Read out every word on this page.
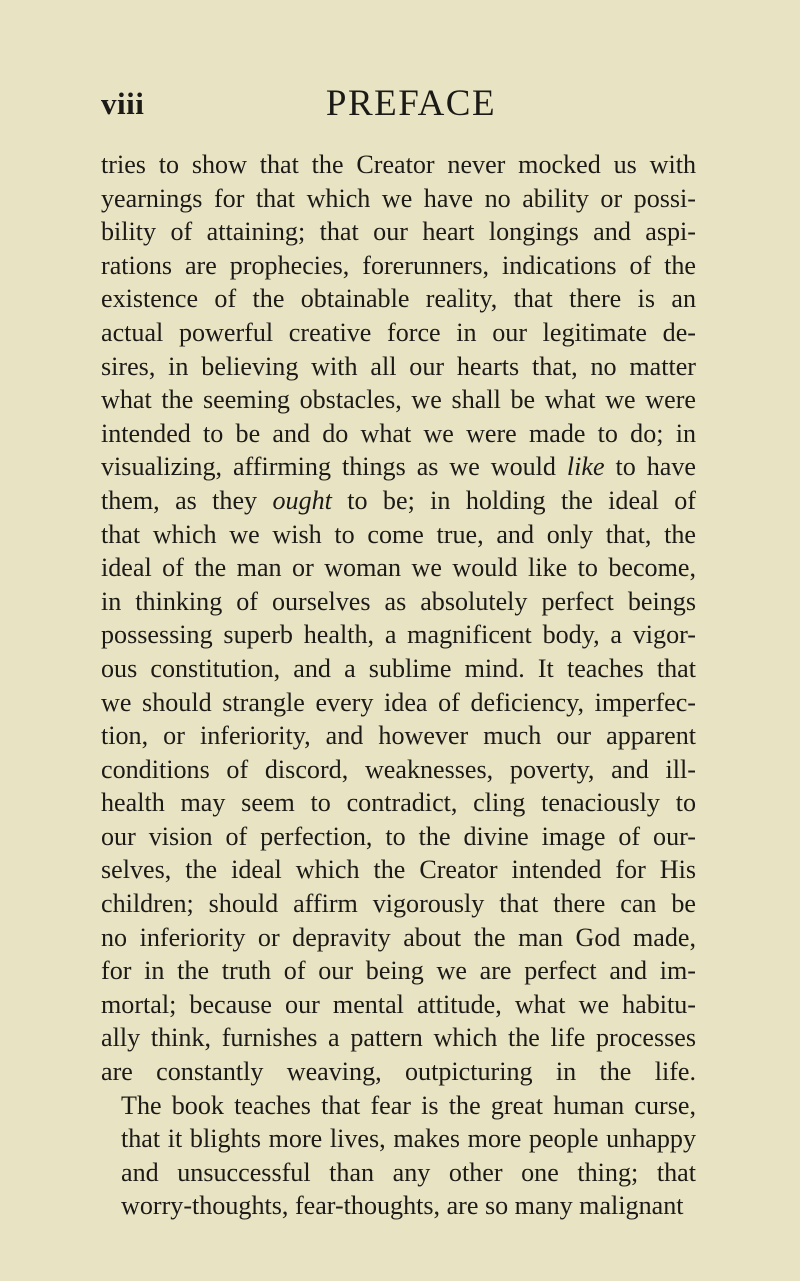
viii	PREFACE

tries to show that the Creator never mocked us with
yearnings for that which we have no ability or possi-
bility of attaining; that our heart longings and aspi-
rations are prophecies, forerunners, indications of the
existence of the obtainable reality, that there is an
actual powerful creative force in our legitimate de-
sires, in believing with all our hearts that, no matter
what the seeming obstacles, we shall be what we were
intended to be and do what we were made to do; in
visualizing, affirming things as we would like to have
them, as they ought to be; in holding the ideal of
that which we wish to come true, and only that, the
ideal of the man or woman we would like to become,
in thinking of ourselves as absolutely perfect beings
possessing superb health, a magnificent body, a vigor-
ous constitution, and a sublime mind. It teaches that
we should strangle every idea of deficiency, imperfec-
tion, or inferiority, and however much our apparent
conditions of discord, weaknesses, poverty, and ill-
health may seem to contradict, cling tenaciously to
our vision of perfection, to the divine image of our-
selves, the ideal which the Creator intended for His
children; should affirm vigorously that there can be
no inferiority or depravity about the man God made,
for in the truth of our being we are perfect and im-
mortal; because our mental attitude, what we habitu-
ally think, furnishes a pattern which the life processes
are constantly weaving, outpicturing in the life.

The book teaches that fear is the great human curse,
that it blights more lives, makes more people unhappy
and unsuccessful than any other one thing; that
worry-thoughts, fear-thoughts, are so many malignant
